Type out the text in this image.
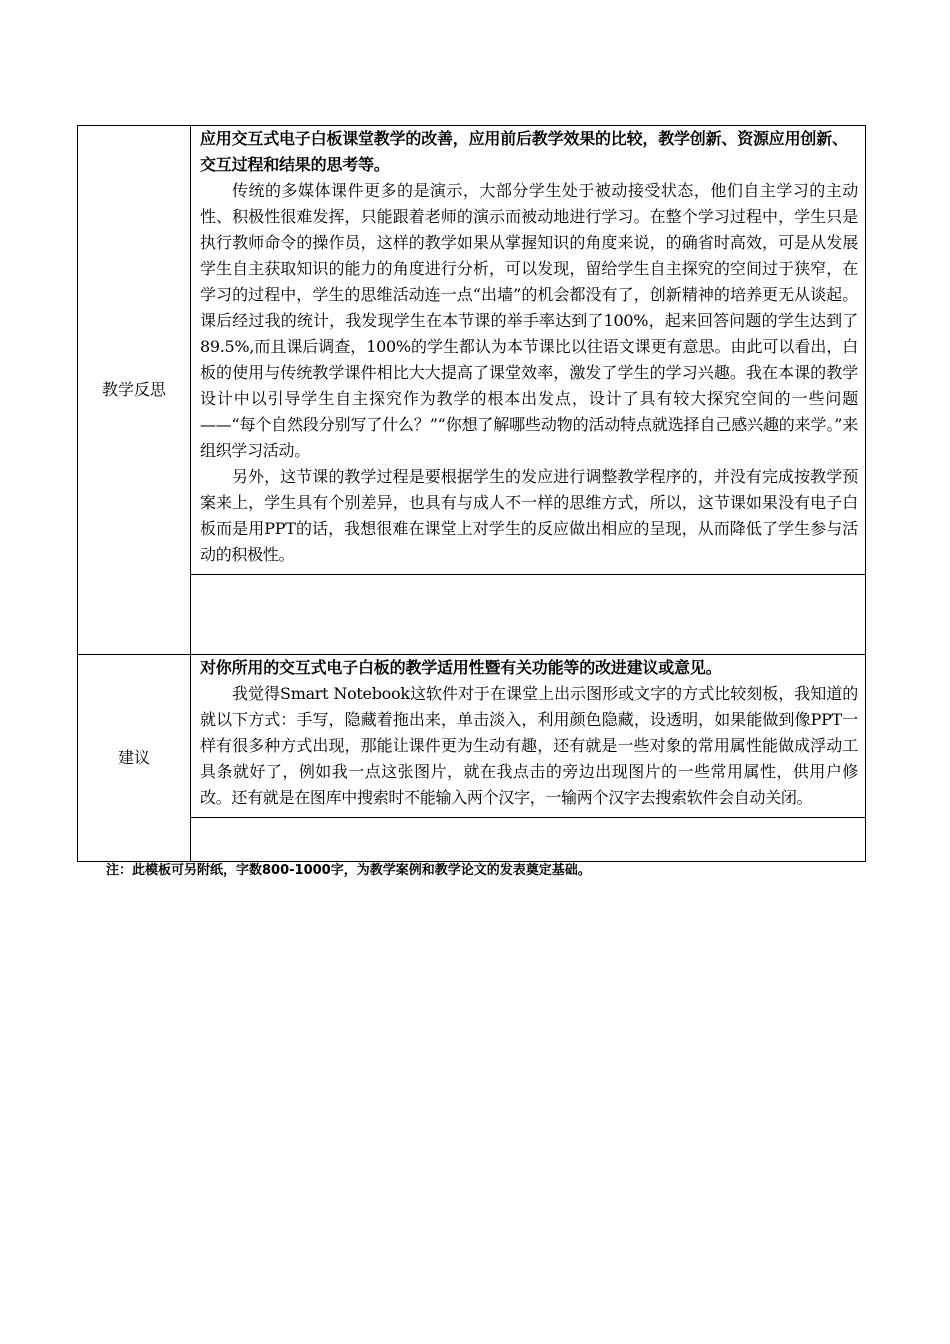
教学反思	应用交互式电子白板课堂教学的改善，应用前后教学效果的比较，教学创新、资源应用创新、交互过程和结果的思考等。

传统的多媒体课件更多的是演示，大部分学生处于被动接受状态，他们自主学习的主动性、积极性很难发挥，只能跟着老师的演示而被动地进行学习。在整个学习过程中，学生只是执行教师命令的操作员，这样的教学如果从掌握知识的角度来说，的确省时高效，可是从发展学生自主获取知识的能力的角度进行分析，可以发现，留给学生自主探究的空间过于狭窄，在学习的过程中，学生的思维活动连一点“出墙”的机会都没有了，创新精神的培养更无从谈起。课后经过我的统计，我发现学生在本节课的举手率达到了100%，起来回答问题的学生达到了89.5%,而且课后调查，100%的学生都认为本节课比以往语文课更有意思。由此可以看出，白板的使用与传统教学课件相比大大提高了课堂效率，激发了学生的学习兴趣。我在本课的教学设计中以引导学生自主探究作为教学的根本出发点，设计了具有较大探究空间的一些问题——“每个自然段分别写了什么？”“你想了解哪些动物的活动特点就选择自己感兴趣的来学。”来组织学习活动。

另外，这节课的教学过程是要根据学生的发应进行调整教学程序的，并没有完成按教学预案来上，学生具有个别差异，也具有与成人不一样的思维方式，所以，这节课如果没有电子白板而是用PPT的话，我想很难在课堂上对学生的反应做出相应的呈现，从而降低了学生参与活动的积极性。

建议	对你所用的交互式电子白板的教学适用性暨有关功能等的改进建议或意见。

我觉得Smart Notebook这软件对于在课堂上出示图形或文字的方式比较刻板，我知道的就以下方式：手写，隐藏着拖出来，单击淡入，利用颜色隐藏，设透明，如果能做到像PPT一样有很多种方式出现，那能让课件更为生动有趣，还有就是一些对象的常用属性能做成浮动工具条就好了，例如我一点这张图片，就在我点击的旁边出现图片的一些常用属性，供用户修改。还有就是在图库中搜索时不能输入两个汉字，一输两个汉字去搜索软件会自动关闭。

注：此模板可另附纸，字数800-1000字，为教学案例和教学论文的发表奠定基础。
